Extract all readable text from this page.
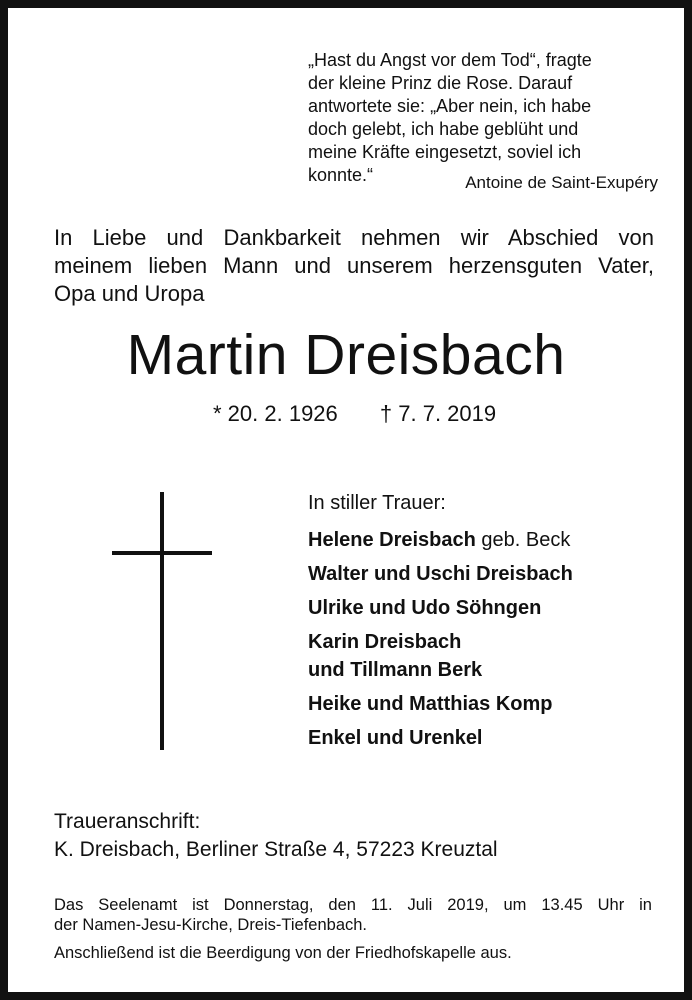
„Hast du Angst vor dem Tod“, fragte
der kleine Prinz die Rose. Darauf
antwortete sie: „Aber nein, ich habe
doch gelebt, ich habe geblüht und
meine Kräfte eingesetzt, soviel ich
konnte.“	Antoine de Saint-Exupéry
In Liebe und Dankbarkeit nehmen wir Abschied von
meinem lieben Mann und unserem herzensguten Vater,
Opa und Uropa
Martin Dreisbach
* 20. 2. 1926 † 7. 7. 2019
In stiller Trauer:
Helene Dreisbach geb. Beck
Walter und Uschi Dreisbach
Ulrike und Udo Söhngen
Karin Dreisbach
und Tillmann Berk
Heike und Matthias Komp
Enkel und Urenkel
Traueranschrift:
K. Dreisbach, Berliner Straße 4, 57223 Kreuztal
Das Seelenamt ist Donnerstag, den 11. Juli 2019, um 13.45 Uhr in
der Namen-Jesu-Kirche, Dreis-Tiefenbach.
Anschließend ist die Beerdigung von der Friedhofskapelle aus.
